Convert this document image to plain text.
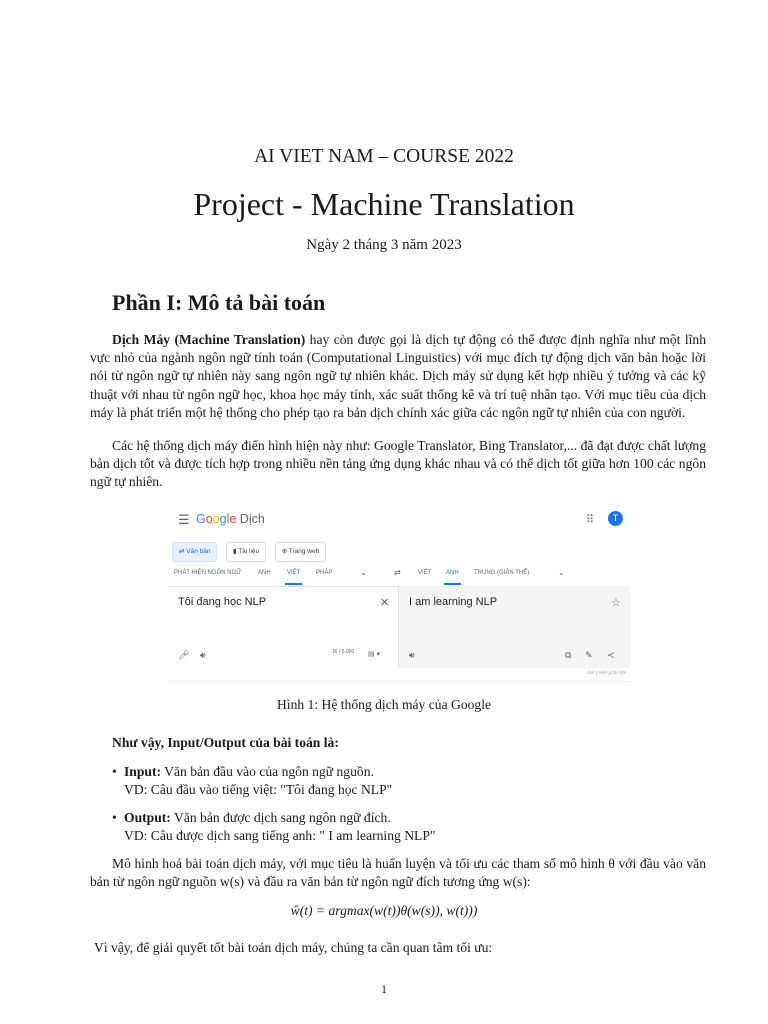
AI VIET NAM – COURSE 2022
Project - Machine Translation
Ngày 2 tháng 3 năm 2023
Phần I: Mô tả bài toán

Dịch Máy (Machine Translation) hay còn được gọi là dịch tự động có thể được định nghĩa như một lĩnh vực nhỏ của ngành ngôn ngữ tính toán (Computational Linguistics) với mục đích tự động dịch văn bản hoặc lời nói từ ngôn ngữ tự nhiên này sang ngôn ngữ tự nhiên khác. Dịch máy sử dụng kết hợp nhiều ý tưởng và các kỹ thuật với nhau từ ngôn ngữ học, khoa học máy tính, xác suất thống kê và trí tuệ nhân tạo. Với mục tiêu của dịch máy là phát triển một hệ thống cho phép tạo ra bản dịch chính xác giữa các ngôn ngữ tự nhiên của con người.

Các hệ thống dịch máy điển hình hiện này như: Google Translator, Bing Translator,... đã đạt được chất lượng bản dịch tốt và được tích hợp trong nhiều nền tảng ứng dụng khác nhau và có thể dịch tốt giữa hơn 100 các ngôn ngữ tự nhiên.

☰ Google Dịch	⠿	T
⇄ Văn bản	▮ Tài liệu	⊕ Trang web
PHÁT HIỆN NGÔN NGỮ	ANH	VIỆT	PHÁP	⌄	⇄	VIỆT ANH	TRUNG (GIẢN THỂ)	⌄
Tôi đang học NLP	✕
🎤︎ 🔊︎	16 / 5.000 ▤ ▾
I am learning NLP	☆
🔊︎	⧉ ✎ ≺
Gửi ý kiến phản hồi
Hình 1: Hệ thống dịch máy của Google
Như vậy, Input/Output của bài toán là:
• Input: Văn bản đầu vào của ngôn ngữ nguồn.
VD: Câu đầu vào tiếng việt: "Tôi đang học NLP"
• Output: Văn bản được dịch sang ngôn ngữ đích.
VD: Câu được dịch sang tiếng anh: " I am learning NLP"

Mô hình hoá bài toán dịch máy, với mục tiêu là huấn luyện và tối ưu các tham số mô hình θ với đầu vào văn bản từ ngôn ngữ nguồn w(s) và đầu ra văn bản từ ngôn ngữ đích tương ứng w(s):

ŵ(t) = argmax(w(t))θ(w(s)), w(t)))
Vì vậy, để giải quyết tốt bài toán dịch máy, chúng ta cần quan tâm tối ưu:
1
